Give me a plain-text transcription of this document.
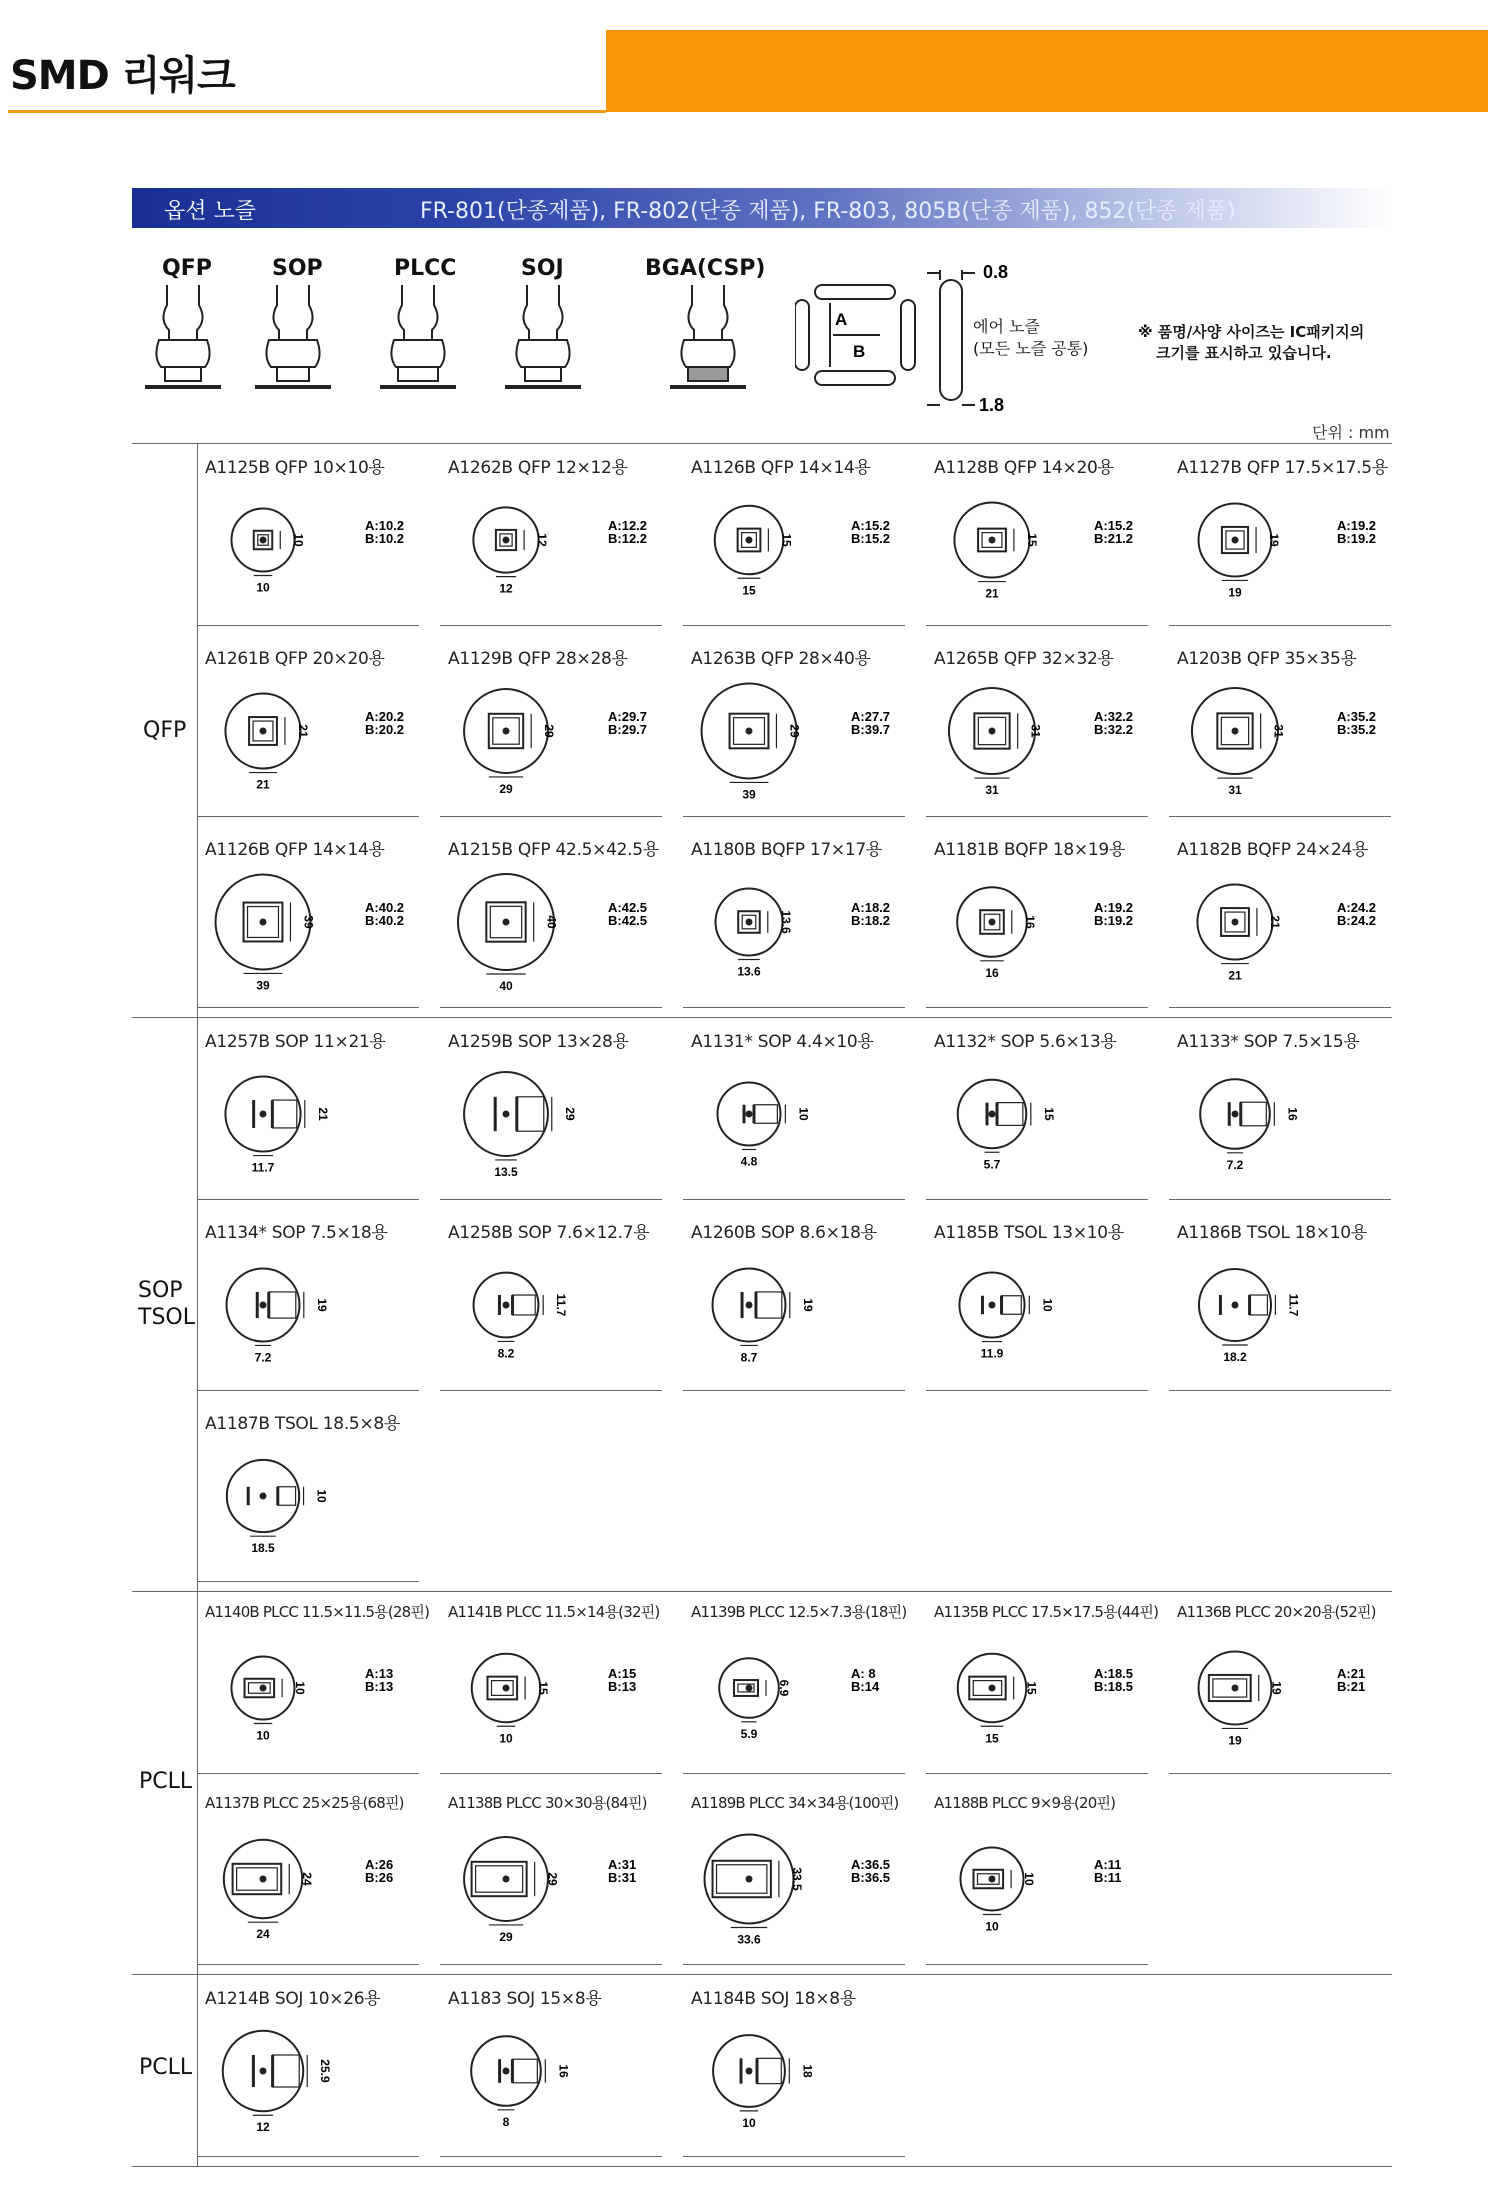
SMD 리워크
옵션 노즐	FR-801(단종제품), FR-802(단종 제품), FR-803, 805B(단종 제품), 852(단종 제품)
QFP	SOP	PLCC	SOJ	BGA(CSP)
A
B
0.8
1.8
에어 노즐
(모든 노즐 공통)
※ 품명/사양 사이즈는 IC패키지의
크기를 표시하고 있습니다.
단위 : mm
QFP
SOP
TSOL
PCLL
PCLL
A1125B QFP 10×10용
10
10
A:10.2
B:10.2
A1262B QFP 12×12용
12
12
A:12.2
B:12.2
A1126B QFP 14×14용
15
15
A:15.2
B:15.2
A1128B QFP 14×20용
15
21
A:15.2
B:21.2
A1127B QFP 17.5×17.5용
19
19
A:19.2
B:19.2
A1261B QFP 20×20용
21
21
A:20.2
B:20.2
A1129B QFP 28×28용
29
29
A:29.7
B:29.7
A1263B QFP 28×40용
29
39
A:27.7
B:39.7
A1265B QFP 32×32용
31
31
A:32.2
B:32.2
A1203B QFP 35×35용
31
31
A:35.2
B:35.2
A1126B QFP 14×14용
39
39
A:40.2
B:40.2
A1215B QFP 42.5×42.5용
40
40
A:42.5
B:42.5
A1180B BQFP 17×17용
13.6
13.6
A:18.2
B:18.2
A1181B BQFP 18×19용
16
16
A:19.2
B:19.2
A1182B BQFP 24×24용
21
21
A:24.2
B:24.2
A1257B SOP 11×21용
21
11.7
A1259B SOP 13×28용
29
13.5
A1131* SOP 4.4×10용
10
4.8
A1132* SOP 5.6×13용
15
5.7
A1133* SOP 7.5×15용
16
7.2
A1134* SOP 7.5×18용
19
7.2
A1258B SOP 7.6×12.7용
11.7
8.2
A1260B SOP 8.6×18용
19
8.7
A1185B TSOL 13×10용
10
11.9
A1186B TSOL 18×10용
11.7
18.2
A1187B TSOL 18.5×8용
10
18.5
A1140B PLCC 11.5×11.5용(28핀)
10
10
A:13
B:13
A1141B PLCC 11.5×14용(32핀)
15
10
A:15
B:13
A1139B PLCC 12.5×7.3용(18핀)
6.9
5.9
A: 8
B:14
A1135B PLCC 17.5×17.5용(44핀)
15
15
A:18.5
B:18.5
A1136B PLCC 20×20용(52핀)
19
19
A:21
B:21
A1137B PLCC 25×25용(68핀)
24
24
A:26
B:26
A1138B PLCC 30×30용(84핀)
29
29
A:31
B:31
A1189B PLCC 34×34용(100핀)
33.5
33.6
A:36.5
B:36.5
A1188B PLCC 9×9용(20핀)
10
10
A:11
B:11
A1214B SOJ 10×26용
25.9
12
A1183 SOJ 15×8용
16
8
A1184B SOJ 18×8용
18
10
